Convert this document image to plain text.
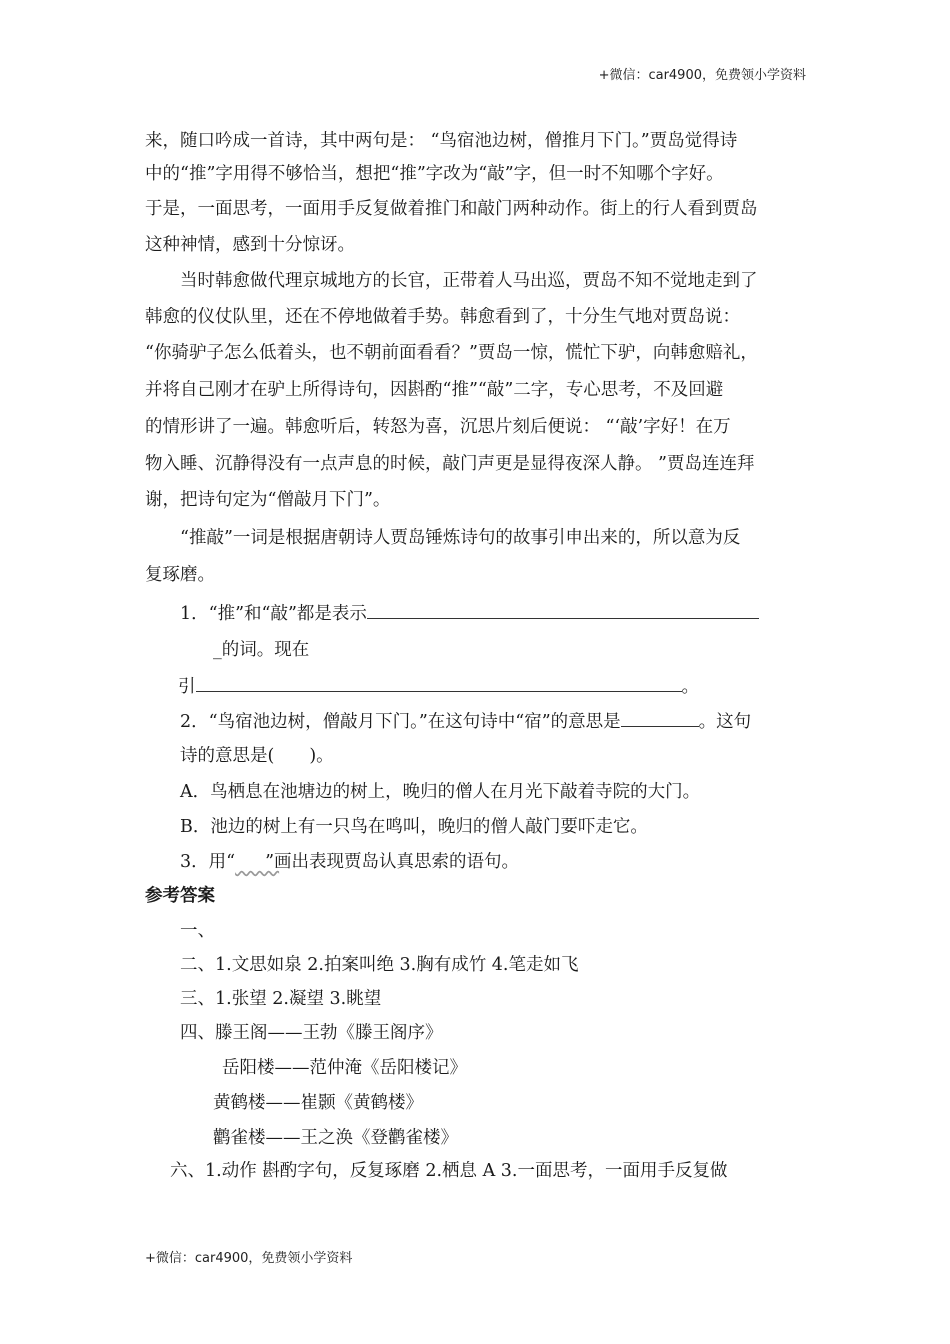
+微信：car4900，免费领小学资料
来，随口吟成一首诗，其中两句是： “鸟宿池边树，僧推月下门。”贾岛觉得诗
中的“推”字用得不够恰当，想把“推”字改为“敲”字，但一时不知哪个字好。
于是，一面思考，一面用手反复做着推门和敲门两种动作。街上的行人看到贾岛
这种神情，感到十分惊讶。
当时韩愈做代理京城地方的长官，正带着人马出巡，贾岛不知不觉地走到了
韩愈的仪仗队里，还在不停地做着手势。韩愈看到了，十分生气地对贾岛说：
“你骑驴子怎么低着头，也不朝前面看看？”贾岛一惊，慌忙下驴，向韩愈赔礼，
并将自己刚才在驴上所得诗句，因斟酌“推”“敲”二字，专心思考，不及回避
的情形讲了一遍。韩愈听后，转怒为喜，沉思片刻后便说： “‘敲’字好！在万
物入睡、沉静得没有一点声息的时候，敲门声更是显得夜深人静。 ”贾岛连连拜
谢，把诗句定为“僧敲月下门”。
“推敲”一词是根据唐朝诗人贾岛锤炼诗句的故事引申出来的，所以意为反
复琢磨。
1．“推”和“敲”都是表示
_的词。现在
引	。
2．“鸟宿池边树，僧敲月下门。”在这句诗中“宿”的意思是	。这句
诗的意思是(　　)。
A．鸟栖息在池塘边的树上，晚归的僧人在月光下敲着寺院的大门。
B．池边的树上有一只鸟在鸣叫，晚归的僧人敲门要吓走它。
3．用“ ”画出表现贾岛认真思索的语句。
参考答案
一、
二、1.文思如泉 2.拍案叫绝 3.胸有成竹 4.笔走如飞
三、1.张望 2.凝望 3.眺望
四、滕王阁——王勃《滕王阁序》
岳阳楼——范仲淹《岳阳楼记》
黄鹤楼——崔颢《黄鹤楼》
鹳雀楼——王之涣《登鹳雀楼》
六、1.动作 斟酌字句，反复琢磨 2.栖息 A 3.一面思考，一面用手反复做
+微信：car4900，免费领小学资料
